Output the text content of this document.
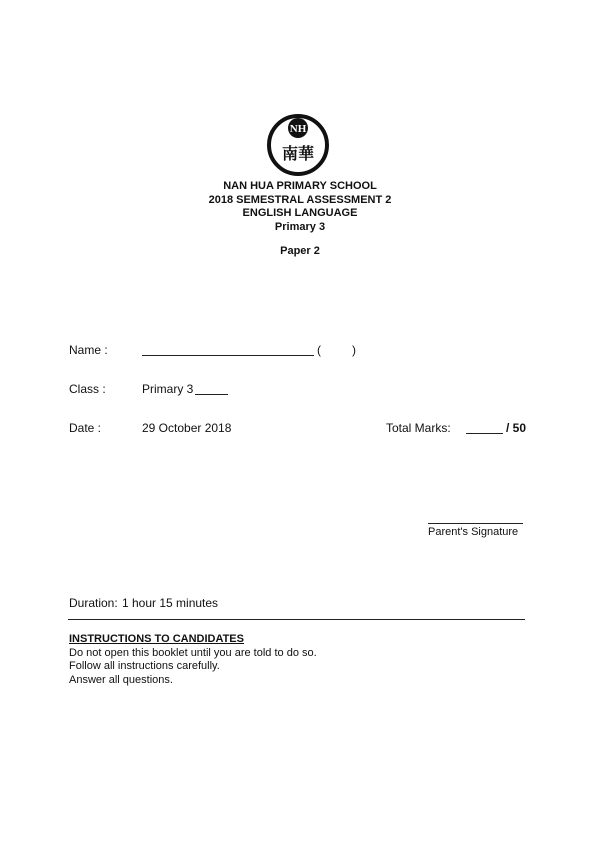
NH
南華
NAN HUA PRIMARY SCHOOL
2018 SEMESTRAL ASSESSMENT 2
ENGLISH LANGUAGE
Primary 3
Paper 2
Name :	(	)
Class :	Primary 3
Date :	29 October 2018	Total Marks:	/ 50
Parent's Signature
Duration: 1 hour 15 minutes
INSTRUCTIONS TO CANDIDATES
Do not open this booklet until you are told to do so.
Follow all instructions carefully.
Answer all questions.
